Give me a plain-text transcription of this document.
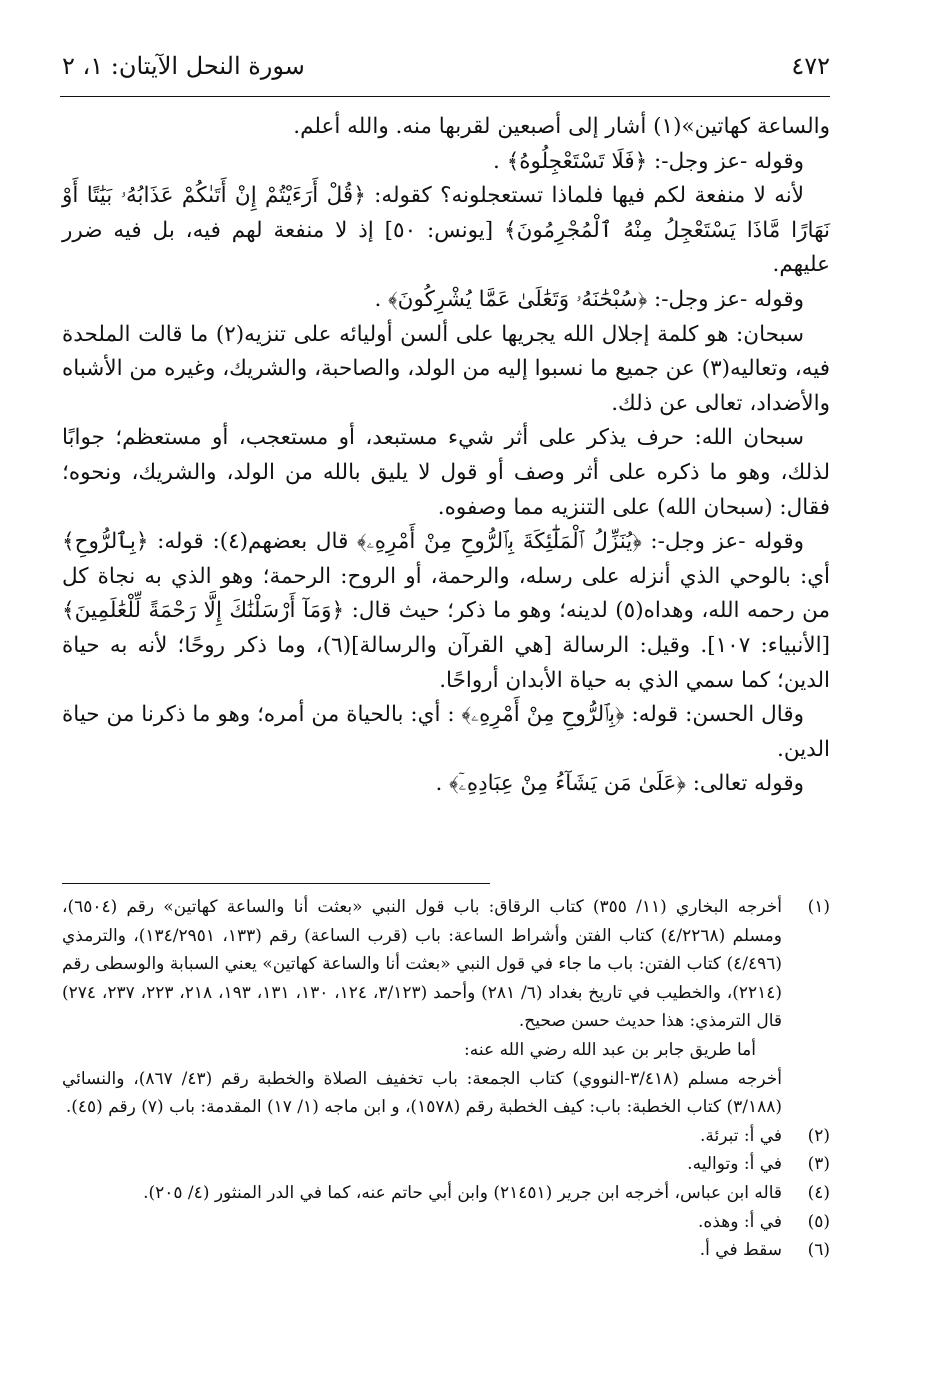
سورة النحل الآيتان: ١، ٢	٤٧٢

والساعة كهاتين»(١) أشار إلى أصبعين لقربها منه. والله أعلم.

وقوله -عز وجل-: ﴿فَلَا تَسْتَعْجِلُوهُ﴾ .

لأنه لا منفعة لكم فيها فلماذا تستعجلونه؟ كقوله: ﴿قُلْ أَرَءَيْتُمْ إِنْ أَتَىٰكُمْ عَذَابُهُۥ بَيَٰتًا أَوْ نَهَارًا مَّاذَا يَسْتَعْجِلُ مِنْهُ ٱلْمُجْرِمُونَ﴾ [يونس: ٥٠] إذ لا منفعة لهم فيه، بل فيه ضرر عليهم.

وقوله -عز وجل-: ﴿سُبْحَٰنَهُۥ وَتَعَٰلَىٰ عَمَّا يُشْرِكُونَ﴾ .

سبحان: هو كلمة إجلال الله يجريها على ألسن أوليائه على تنزيه(٢) ما قالت الملحدة فيه، وتعاليه(٣) عن جميع ما نسبوا إليه من الولد، والصاحبة، والشريك، وغيره من الأشباه والأضداد، تعالى عن ذلك.

سبحان الله: حرف يذكر على أثر شيء مستبعد، أو مستعجب، أو مستعظم؛ جوابًا لذلك، وهو ما ذكره على أثر وصف أو قول لا يليق بالله من الولد، والشريك، ونحوه؛ فقال: (سبحان الله) على التنزيه مما وصفوه.

وقوله -عز وجل-: ﴿يُنَزِّلُ ٱلْمَلَٰٓئِكَةَ بِٱلرُّوحِ مِنْ أَمْرِهِۦ﴾ قال بعضهم(٤): قوله: ﴿بِٱلرُّوحِ﴾ أي: بالوحي الذي أنزله على رسله، والرحمة، أو الروح: الرحمة؛ وهو الذي به نجاة كل من رحمه الله، وهداه(٥) لدينه؛ وهو ما ذكر؛ حيث قال: ﴿وَمَآ أَرْسَلْنَٰكَ إِلَّا رَحْمَةً لِّلْعَٰلَمِينَ﴾ [الأنبياء: ١٠٧]. وقيل: الرسالة [هي القرآن والرسالة](٦)، وما ذكر روحًا؛ لأنه به حياة الدين؛ كما سمي الذي به حياة الأبدان أرواحًا.

وقال الحسن: قوله: ﴿بِٱلرُّوحِ مِنْ أَمْرِهِۦ﴾ : أي: بالحياة من أمره؛ وهو ما ذكرنا من حياة الدين.

وقوله تعالى: ﴿عَلَىٰ مَن يَشَآءُ مِنْ عِبَادِهِۦٓ﴾ .

(١)
أخرجه البخاري (١١/ ٣٥٥) كتاب الرقاق: باب قول النبي «بعثت أنا والساعة كهاتين» رقم (٦٥٠٤)، ومسلم (٤/٢٢٦٨) كتاب الفتن وأشراط الساعة: باب (قرب الساعة) رقم (١٣٣، ١٣٤/٢٩٥١)، والترمذي (٤/٤٩٦) كتاب الفتن: باب ما جاء في قول النبي «بعثت أنا والساعة كهاتين» يعني السبابة والوسطى رقم (٢٢١٤)، والخطيب في تاريخ بغداد (٦/ ٢٨١) وأحمد (٣/١٢٣، ١٢٤، ١٣٠، ١٣١، ١٩٣، ٢١٨، ٢٢٣، ٢٣٧، ٢٧٤) قال الترمذي: هذا حديث حسن صحيح.
أما طريق جابر بن عبد الله رضي الله عنه:
أخرجه مسلم (٣/٤١٨-النووي) كتاب الجمعة: باب تخفيف الصلاة والخطبة رقم (٤٣/ ٨٦٧)، والنسائي (٣/١٨٨) كتاب الخطبة: باب: كيف الخطبة رقم (١٥٧٨)، و ابن ماجه (١/ ١٧) المقدمة: باب (٧) رقم (٤٥).
(٢)
في أ: تبرئة.
(٣)
في أ: وتواليه.
(٤)
قاله ابن عباس، أخرجه ابن جرير (٢١٤٥١) وابن أبي حاتم عنه، كما في الدر المنثور (٤/ ٢٠٥).
(٥)
في أ: وهذه.
(٦)
سقط في أ.
